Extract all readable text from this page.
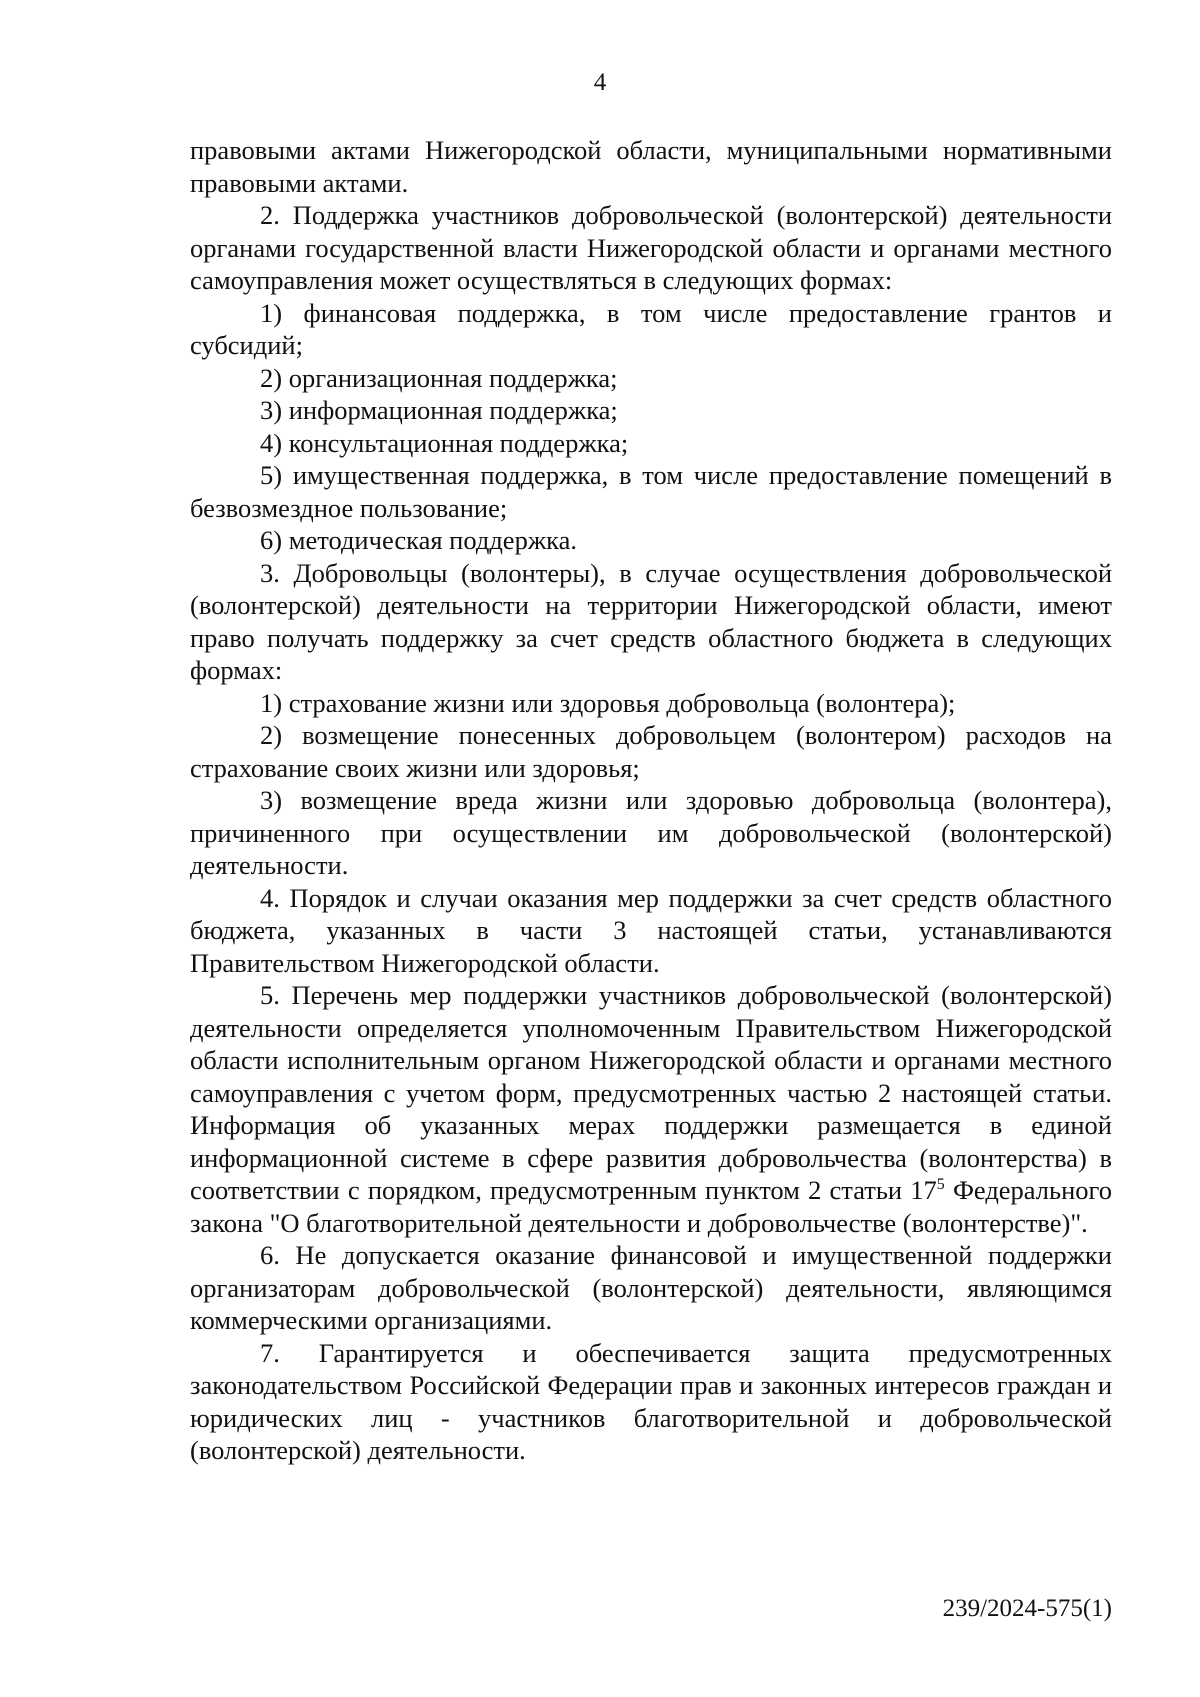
4

правовыми актами Нижегородской области, муниципальными нормативными правовыми актами.

2. Поддержка участников добровольческой (волонтерской) деятельности органами государственной власти Нижегородской области и органами местного самоуправления может осуществляться в следующих формах:

1) финансовая поддержка, в том числе предоставление грантов и субсидий;

2) организационная поддержка;

3) информационная поддержка;

4) консультационная поддержка;

5) имущественная поддержка, в том числе предоставление помещений в безвозмездное пользование;

6) методическая поддержка.

3. Добровольцы (волонтеры), в случае осуществления добровольческой (волонтерской) деятельности на территории Нижегородской области, имеют право получать поддержку за счет средств областного бюджета в следующих формах:

1) страхование жизни или здоровья добровольца (волонтера);

2) возмещение понесенных добровольцем (волонтером) расходов на страхование своих жизни или здоровья;

3) возмещение вреда жизни или здоровью добровольца (волонтера), причиненного при осуществлении им добровольческой (волонтерской) деятельности.

4. Порядок и случаи оказания мер поддержки за счет средств областного бюджета, указанных в части 3 настоящей статьи, устанавливаются Правительством Нижегородской области.

5. Перечень мер поддержки участников добровольческой (волонтерской) деятельности определяется уполномоченным Правительством Нижегородской области исполнительным органом Нижегородской области и органами местного самоуправления с учетом форм, предусмотренных частью 2 настоящей статьи. Информация об указанных мерах поддержки размещается в единой информационной системе в сфере развития добровольчества (волонтерства) в соответствии с порядком, предусмотренным пунктом 2 статьи $17^5$ Федерального закона "О благотворительной деятельности и добровольчестве (волонтерстве)".

6. Не допускается оказание финансовой и имущественной поддержки организаторам добровольческой (волонтерской) деятельности, являющимся коммерческими организациями.

7. Гарантируется и обеспечивается защита предусмотренных законодательством Российской Федерации прав и законных интересов граждан и юридических лиц - участников благотворительной и добровольческой (волонтерской) деятельности.

239/2024-575(1)
